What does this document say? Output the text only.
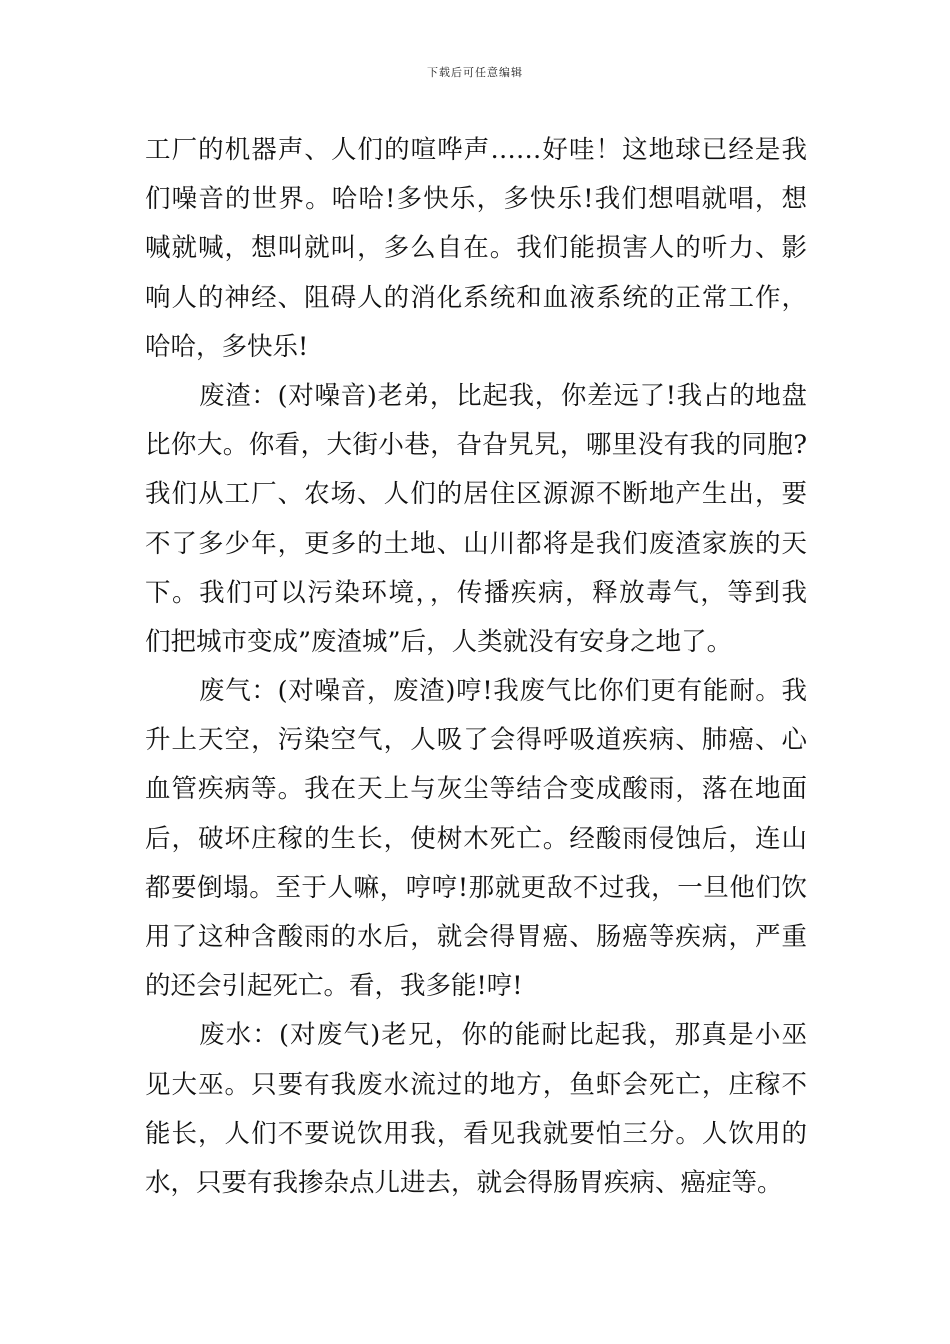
下载后可任意编辑
工厂的机器声、人们的喧哗声……好哇！这地球已经是我
们噪音的世界。哈哈!多快乐，多快乐!我们想唱就唱，想
喊就喊，想叫就叫，多么自在。我们能损害人的听力、影
响人的神经、阻碍人的消化系统和血液系统的正常工作，
哈哈，多快乐!
废渣：(对噪音)老弟，比起我，你差远了!我占的地盘
比你大。你看，大街小巷，旮旮旯旯，哪里没有我的同胞?
我们从工厂、农场、人们的居住区源源不断地产生出，要
不了多少年，更多的土地、山川都将是我们废渣家族的天
下。我们可以污染环境，，传播疾病，释放毒气，等到我
们把城市变成”废渣城”后，人类就没有安身之地了。
废气：(对噪音，废渣)哼!我废气比你们更有能耐。我
升上天空，污染空气，人吸了会得呼吸道疾病、肺癌、心
血管疾病等。我在天上与灰尘等结合变成酸雨，落在地面
后，破坏庄稼的生长，使树木死亡。经酸雨侵蚀后，连山
都要倒塌。至于人嘛，哼哼!那就更敌不过我，一旦他们饮
用了这种含酸雨的水后，就会得胃癌、肠癌等疾病，严重
的还会引起死亡。看，我多能!哼!
废水：(对废气)老兄，你的能耐比起我，那真是小巫
见大巫。只要有我废水流过的地方，鱼虾会死亡，庄稼不
能长，人们不要说饮用我，看见我就要怕三分。人饮用的
水，只要有我掺杂点儿进去，就会得肠胃疾病、癌症等。
